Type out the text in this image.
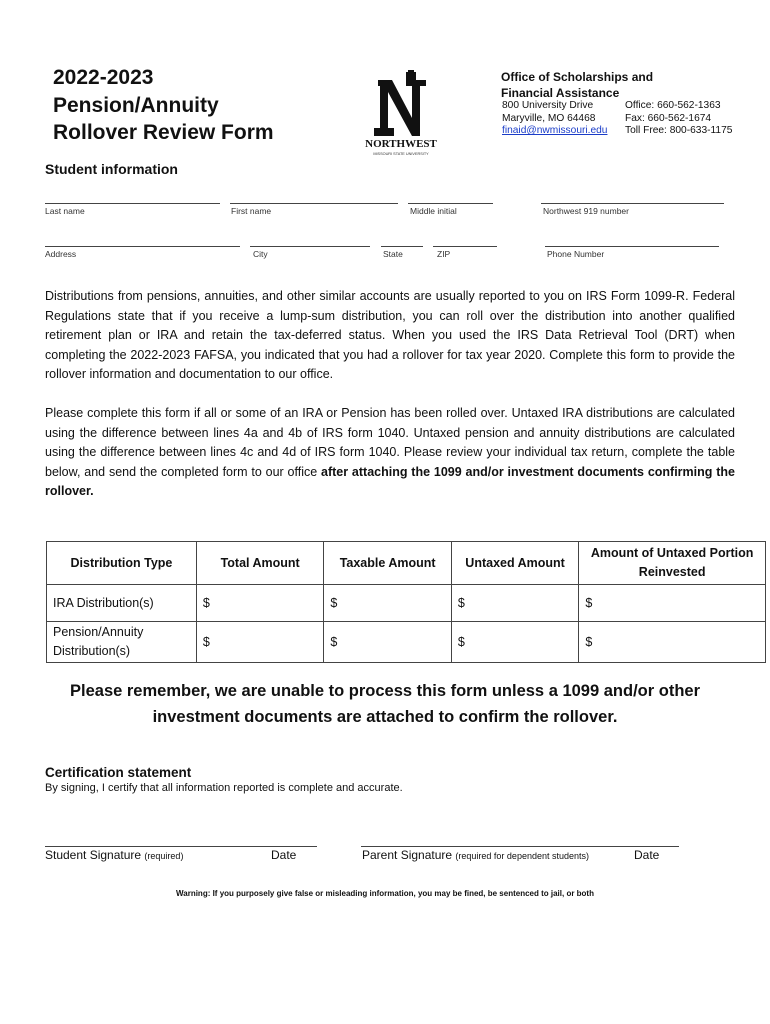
2022-2023
Pension/Annuity
Rollover Review Form	NORTHWEST
MISSOURI STATE UNIVERSITY
Office of Scholarships and
Financial Assistance
800 University Drive
Maryville, MO 64468
finaid@nwmissouri.edu
Office: 660-562-1363
Fax: 660-562-1674
Toll Free: 800-633-1175
Student information
Last name	First name	Middle initial	Northwest 919 number
Address	City	State	ZIP	Phone Number
Distributions from pensions, annuities, and other similar accounts are usually reported to you on IRS Form 1099-R. Federal Regulations state that if you receive a lump-sum distribution, you can roll over the distribution into another qualified retirement plan or IRA and retain the tax-deferred status. When you used the IRS Data Retrieval Tool (DRT) when completing the 2022-2023 FAFSA, you indicated that you had a rollover for tax year 2020. Complete this form to provide the rollover information and documentation to our office.
Please complete this form if all or some of an IRA or Pension has been rolled over. Untaxed IRA distributions are calculated using the difference between lines 4a and 4b of IRS form 1040. Untaxed pension and annuity distributions are calculated using the difference between lines 4c and 4d of IRS form 1040. Please review your individual tax return, complete the table below, and send the completed form to our office after attaching the 1099 and/or investment documents confirming the rollover.
Distribution Type	Total Amount	Taxable Amount	Untaxed Amount	Amount of Untaxed Portion Reinvested
IRA Distribution(s)	$	$	$	$
Pension/Annuity Distribution(s)	$	$	$	$
Please remember, we are unable to process this form unless a 1099 and/or other investment documents are attached to confirm the rollover.
Certification statement
By signing, I certify that all information reported is complete and accurate.
Student Signature (required)	Date	Parent Signature (required for dependent students)	Date
Warning: If you purposely give false or misleading information, you may be fined, be sentenced to jail, or both
